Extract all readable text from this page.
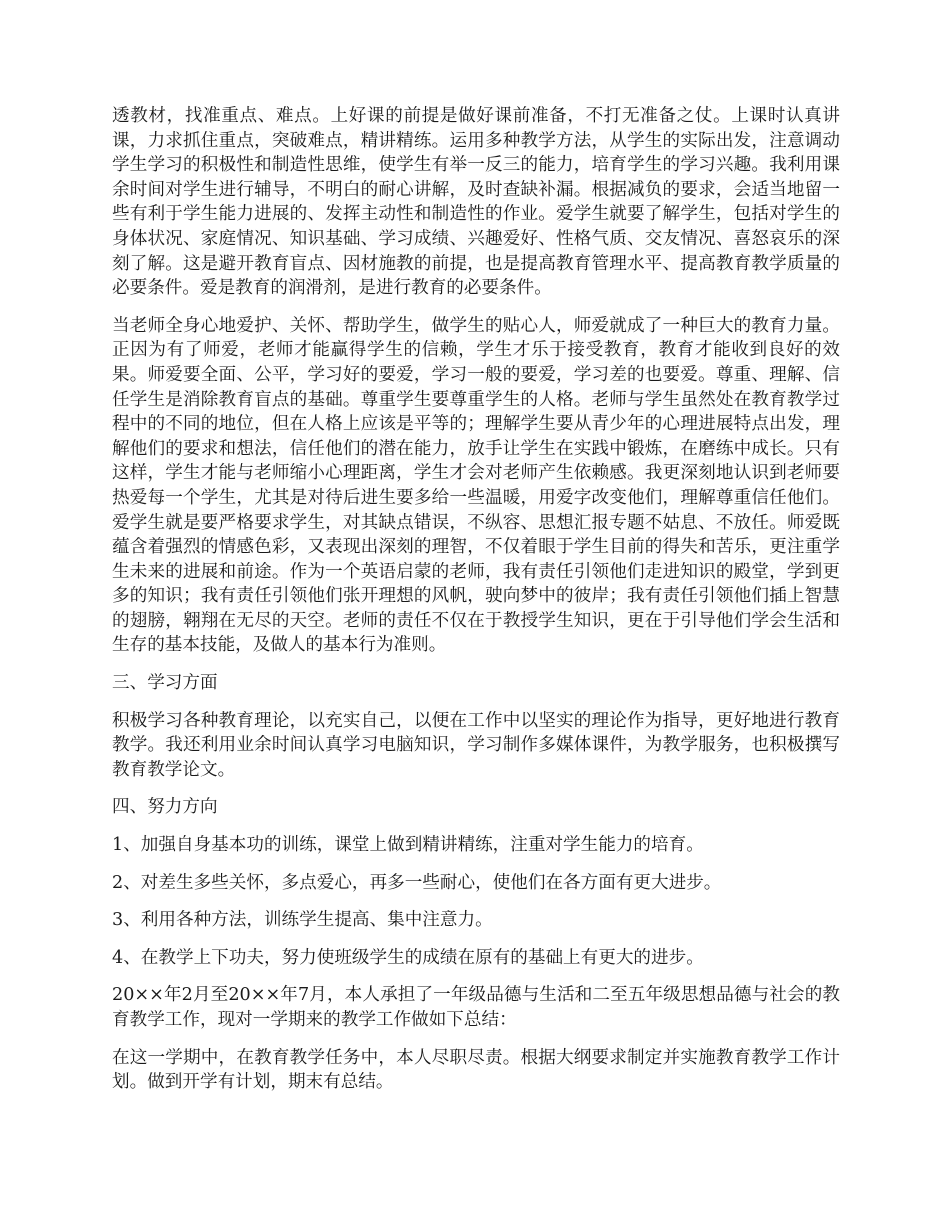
透教材，找准重点、难点。上好课的前提是做好课前准备，不打无准备之仗。上课时认真讲课，力求抓住重点，突破难点，精讲精练。运用多种教学方法，从学生的实际出发，注意调动学生学习的积极性和制造性思维，使学生有举一反三的能力，培育学生的学习兴趣。我利用课余时间对学生进行辅导，不明白的耐心讲解，及时查缺补漏。根据减负的要求，会适当地留一些有利于学生能力进展的、发挥主动性和制造性的作业。爱学生就要了解学生，包括对学生的身体状况、家庭情况、知识基础、学习成绩、兴趣爱好、性格气质、交友情况、喜怒哀乐的深刻了解。这是避开教育盲点、因材施教的前提，也是提高教育管理水平、提高教育教学质量的必要条件。爱是教育的润滑剂，是进行教育的必要条件。

当老师全身心地爱护、关怀、帮助学生，做学生的贴心人，师爱就成了一种巨大的教育力量。正因为有了师爱，老师才能赢得学生的信赖，学生才乐于接受教育，教育才能收到良好的效果。师爱要全面、公平，学习好的要爱，学习一般的要爱，学习差的也要爱。尊重、理解、信任学生是消除教育盲点的基础。尊重学生要尊重学生的人格。老师与学生虽然处在教育教学过程中的不同的地位，但在人格上应该是平等的；理解学生要从青少年的心理进展特点出发，理解他们的要求和想法，信任他们的潜在能力，放手让学生在实践中锻炼，在磨练中成长。只有这样，学生才能与老师缩小心理距离，学生才会对老师产生依赖感。我更深刻地认识到老师要热爱每一个学生，尤其是对待后进生要多给一些温暖，用爱字改变他们，理解尊重信任他们。爱学生就是要严格要求学生，对其缺点错误，不纵容、思想汇报专题不姑息、不放任。师爱既蕴含着强烈的情感色彩，又表现出深刻的理智，不仅着眼于学生目前的得失和苦乐，更注重学生未来的进展和前途。作为一个英语启蒙的老师，我有责任引领他们走进知识的殿堂，学到更多的知识；我有责任引领他们张开理想的风帆，驶向梦中的彼岸；我有责任引领他们插上智慧的翅膀，翱翔在无尽的天空。老师的责任不仅在于教授学生知识，更在于引导他们学会生活和生存的基本技能，及做人的基本行为准则。

三、学习方面

积极学习各种教育理论，以充实自己，以便在工作中以坚实的理论作为指导，更好地进行教育教学。我还利用业余时间认真学习电脑知识，学习制作多媒体课件，为教学服务，也积极撰写教育教学论文。

四、努力方向

1、加强自身基本功的训练，课堂上做到精讲精练，注重对学生能力的培育。

2、对差生多些关怀，多点爱心，再多一些耐心，使他们在各方面有更大进步。

3、利用各种方法，训练学生提高、集中注意力。

4、在教学上下功夫，努力使班级学生的成绩在原有的基础上有更大的进步。

20××年2月至20××年7月，本人承担了一年级品德与生活和二至五年级思想品德与社会的教育教学工作，现对一学期来的教学工作做如下总结：

在这一学期中，在教育教学任务中，本人尽职尽责。根据大纲要求制定并实施教育教学工作计划。做到开学有计划，期末有总结。
